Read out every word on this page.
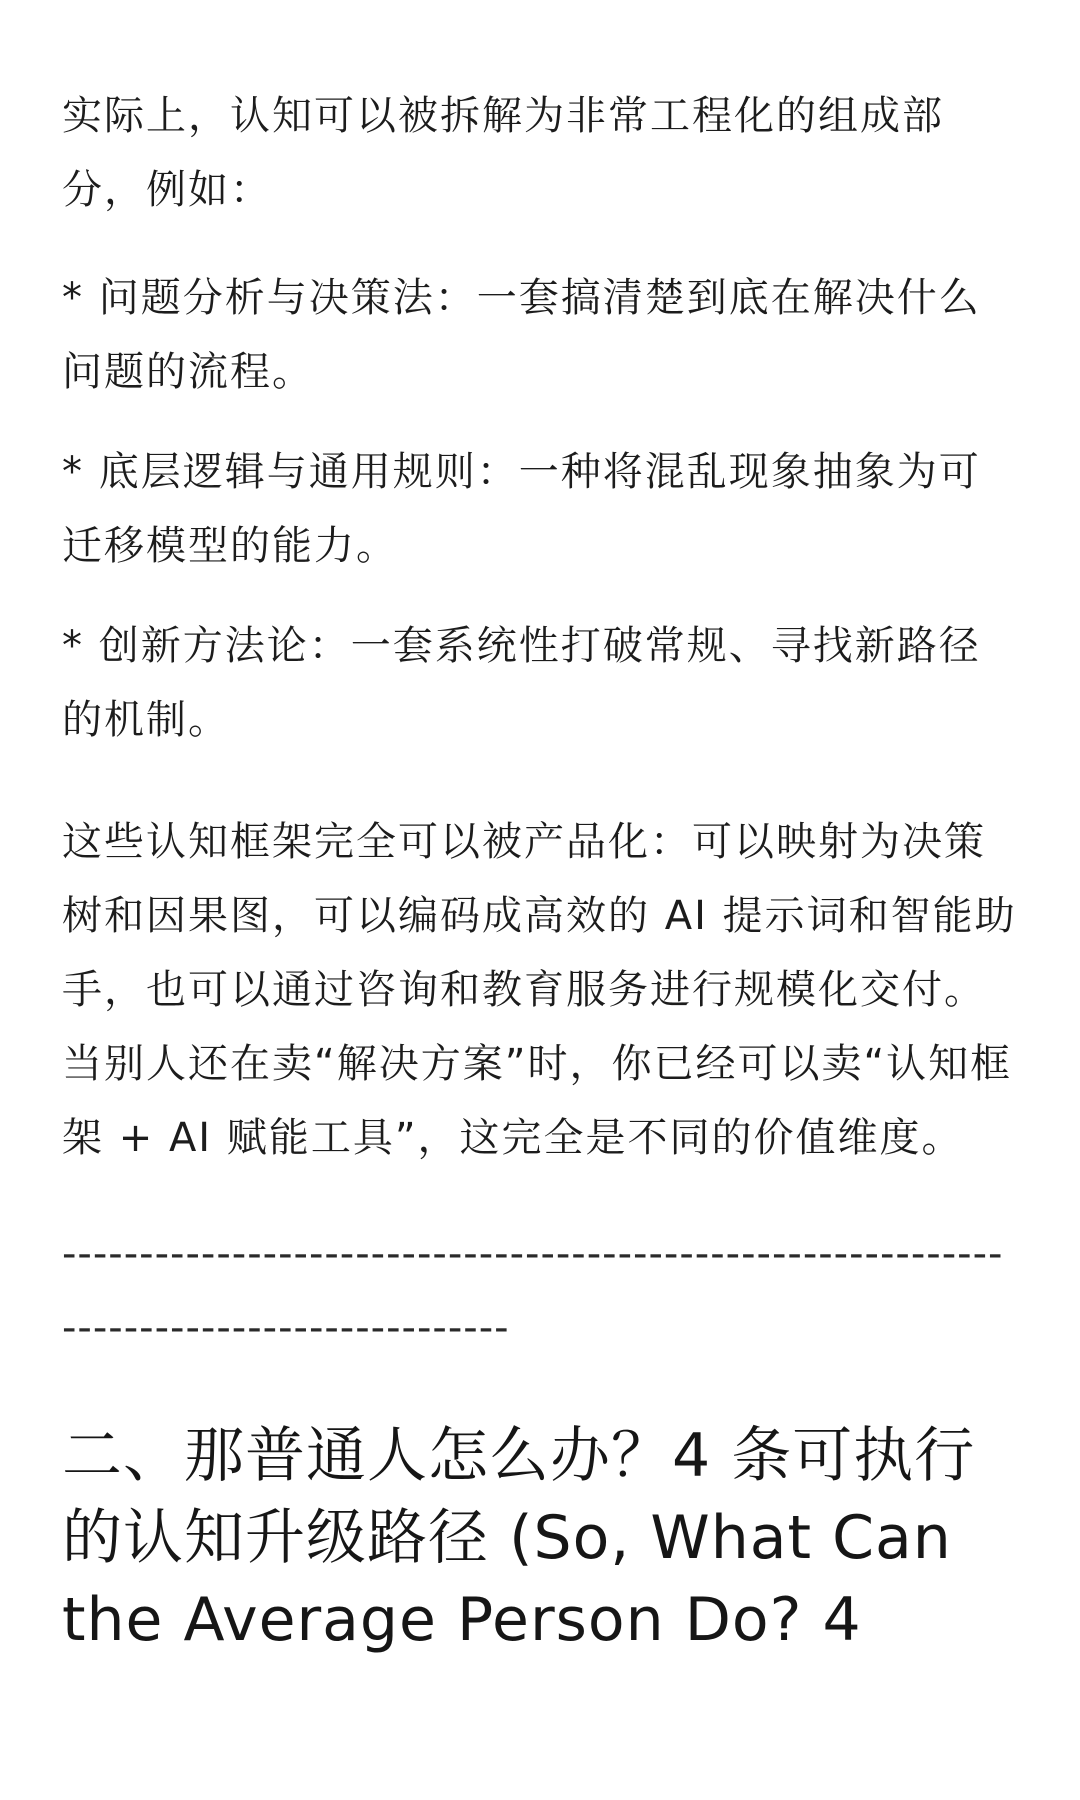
实际上，认知可以被拆解为非常工程化的组成部分，例如：

* 问题分析与决策法：一套搞清楚到底在解决什么问题的流程。

* 底层逻辑与通用规则：一种将混乱现象抽象为可迁移模型的能力。

* 创新方法论：一套系统性打破常规、寻找新路径的机制。

这些认知框架完全可以被产品化：可以映射为决策树和因果图，可以编码成高效的 AI 提示词和智能助手，也可以通过咨询和教育服务进行规模化交付。当别人还在卖“解决方案”时，你已经可以卖“认知框架 + AI 赋能工具”，这完全是不同的价值维度。

------------------------------------------------------------------------------------------
二、那普通人怎么办？4 条可执行的认知升级路径 (So, What Can the Average Person Do? 4
